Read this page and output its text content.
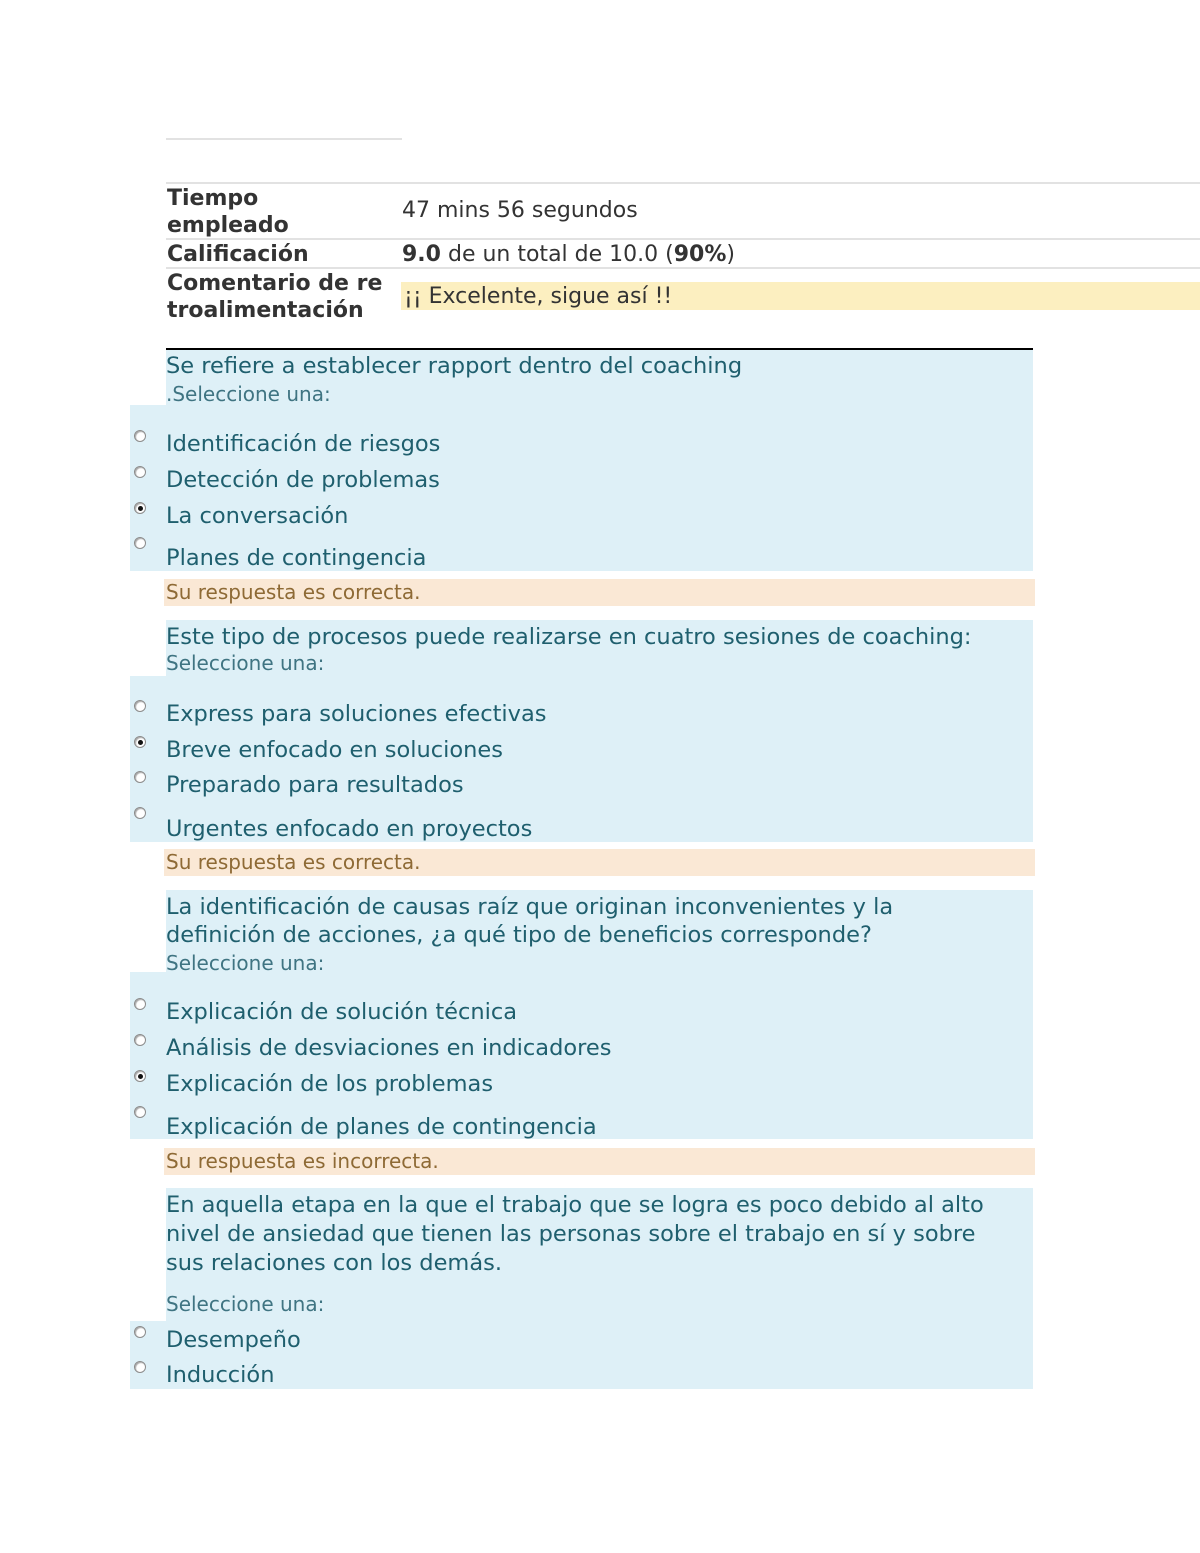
Tiempo empleado
47 mins 56 segundos
Calificación	9.0 de un total de 10.0 (90%)
Comentario de retroalimentación
¡¡ Excelente, sigue así !!
Se refiere a establecer rapport dentro del coaching
.Seleccione una:
Identificación de riesgos
Detección de problemas
La conversación
Planes de contingencia
Su respuesta es correcta.
Este tipo de procesos puede realizarse en cuatro sesiones de coaching:
Seleccione una:
Express para soluciones efectivas
Breve enfocado en soluciones
Preparado para resultados
Urgentes enfocado en proyectos
Su respuesta es correcta.
La identificación de causas raíz que originan inconvenientes y la
definición de acciones, ¿a qué tipo de beneficios corresponde?
Seleccione una:
Explicación de solución técnica
Análisis de desviaciones en indicadores
Explicación de los problemas
Explicación de planes de contingencia
Su respuesta es incorrecta.
En aquella etapa en la que el trabajo que se logra es poco debido al alto
nivel de ansiedad que tienen las personas sobre el trabajo en sí y sobre
sus relaciones con los demás.
Seleccione una:
Desempeño
Inducción
